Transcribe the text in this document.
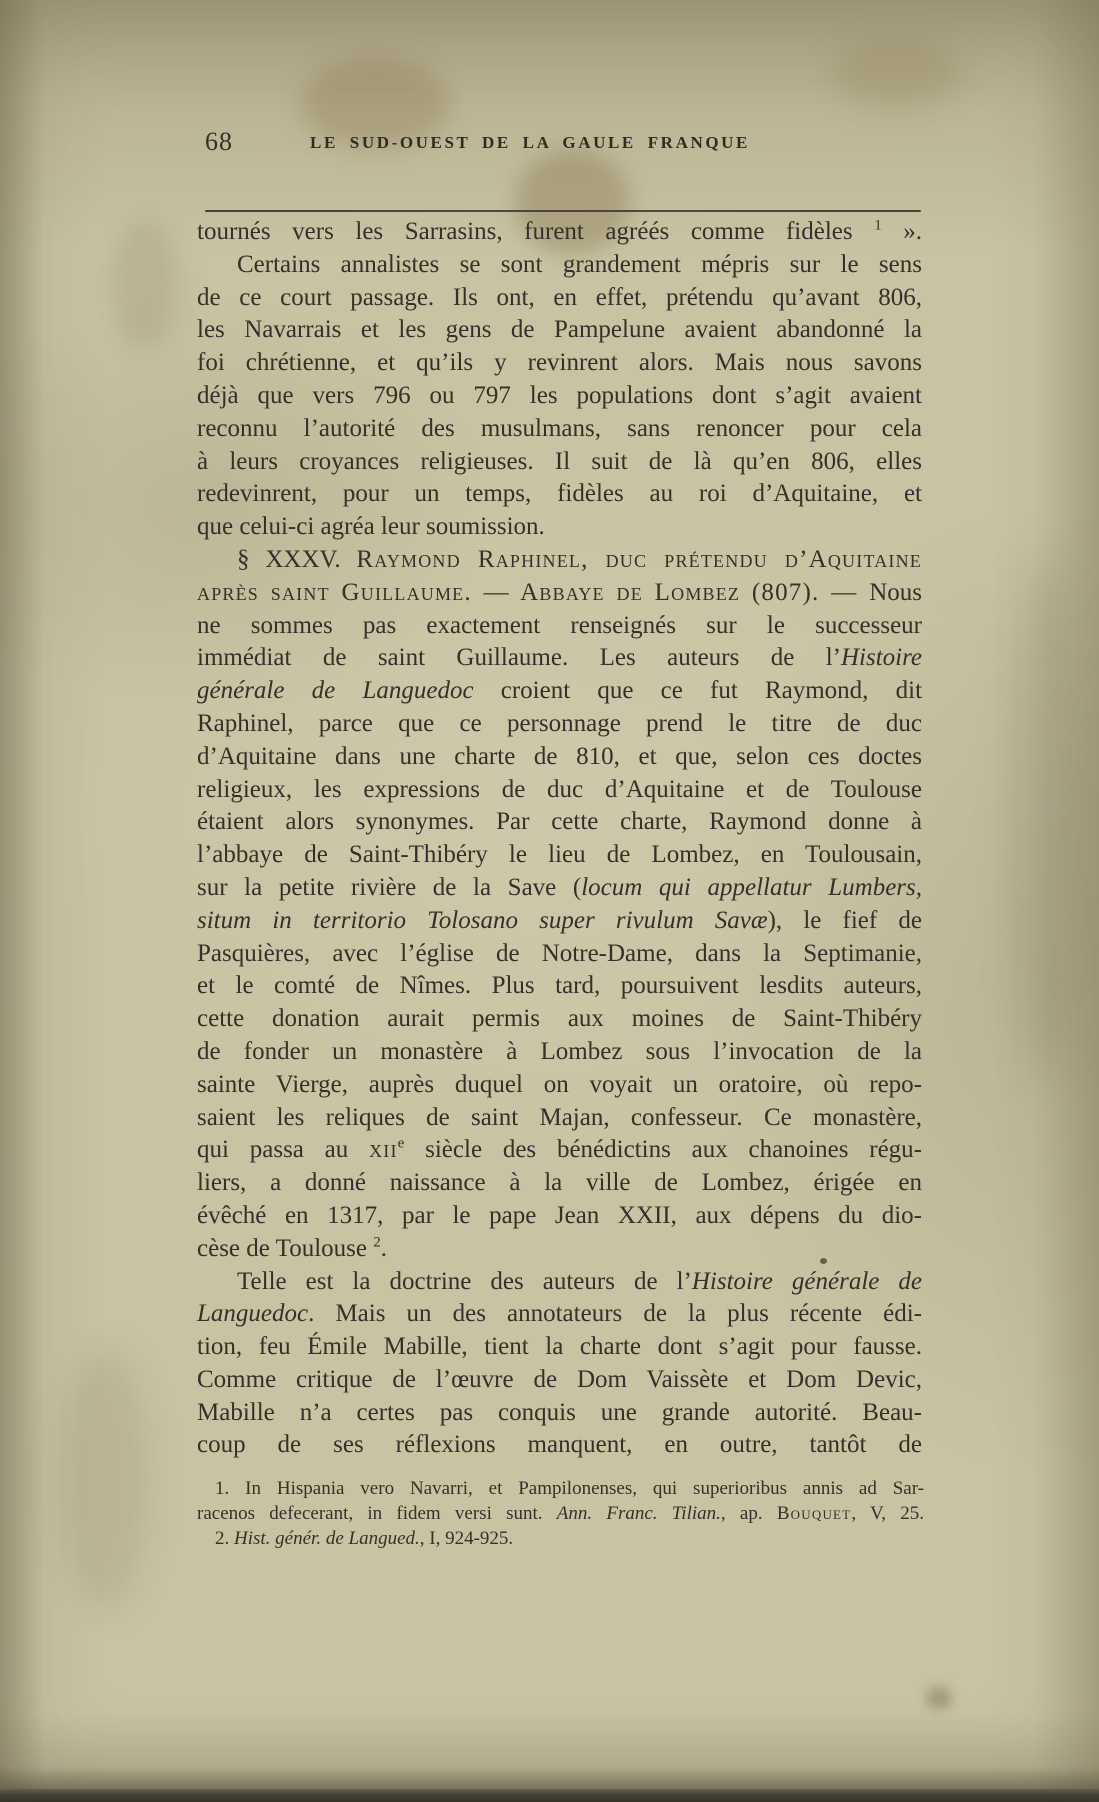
68	LE SUD-OUEST DE LA GAULE FRANQUE
tournés vers les Sarrasins, furent agréés comme fidèles $^1$ ».
Certains annalistes se sont grandement mépris sur le sens
de ce court passage. Ils ont, en effet, prétendu qu’avant 806,
les Navarrais et les gens de Pampelune avaient abandonné la
foi chrétienne, et qu’ils y revinrent alors. Mais nous savons
déjà que vers 796 ou 797 les populations dont s’agit avaient
reconnu l’autorité des musulmans, sans renoncer pour cela
à leurs croyances religieuses. Il suit de là qu’en 806, elles
redevinrent, pour un temps, fidèles au roi d’Aquitaine, et
que celui-ci agréa leur soumission.
§ XXXV. Raymond Raphinel, duc prétendu d’Aquitaine
après saint Guillaume. — Abbaye de Lombez (807). — Nous
ne sommes pas exactement renseignés sur le successeur
immédiat de saint Guillaume. Les auteurs de l’Histoire
générale de Languedoc croient que ce fut Raymond, dit
Raphinel, parce que ce personnage prend le titre de duc
d’Aquitaine dans une charte de 810, et que, selon ces doctes
religieux, les expressions de duc d’Aquitaine et de Toulouse
étaient alors synonymes. Par cette charte, Raymond donne à
l’abbaye de Saint-Thibéry le lieu de Lombez, en Toulousain,
sur la petite rivière de la Save (locum qui appellatur Lumbers,
situm in territorio Tolosano super rivulum Savæ), le fief de
Pasquières, avec l’église de Notre-Dame, dans la Septimanie,
et le comté de Nîmes. Plus tard, poursuivent lesdits auteurs,
cette donation aurait permis aux moines de Saint-Thibéry
de fonder un monastère à Lombez sous l’invocation de la
sainte Vierge, auprès duquel on voyait un oratoire, où repo-
saient les reliques de saint Majan, confesseur. Ce monastère,
qui passa au xii$^e$ siècle des bénédictins aux chanoines régu-
liers, a donné naissance à la ville de Lombez, érigée en
évêché en 1317, par le pape Jean XXII, aux dépens du dio-
cèse de Toulouse $^2$.
Telle est la doctrine des auteurs de l’Histoire générale de
Languedoc. Mais un des annotateurs de la plus récente édi-
tion, feu Émile Mabille, tient la charte dont s’agit pour fausse.
Comme critique de l’œuvre de Dom Vaissète et Dom Devic,
Mabille n’a certes pas conquis une grande autorité. Beau-
coup de ses réflexions manquent, en outre, tantôt de
1. In Hispania vero Navarri, et Pampilonenses, qui superioribus annis ad Sar-
racenos defecerant, in fidem versi sunt. Ann. Franc. Tilian., ap. Bouquet, V, 25.
2. Hist. génér. de Langued., I, 924-925.
